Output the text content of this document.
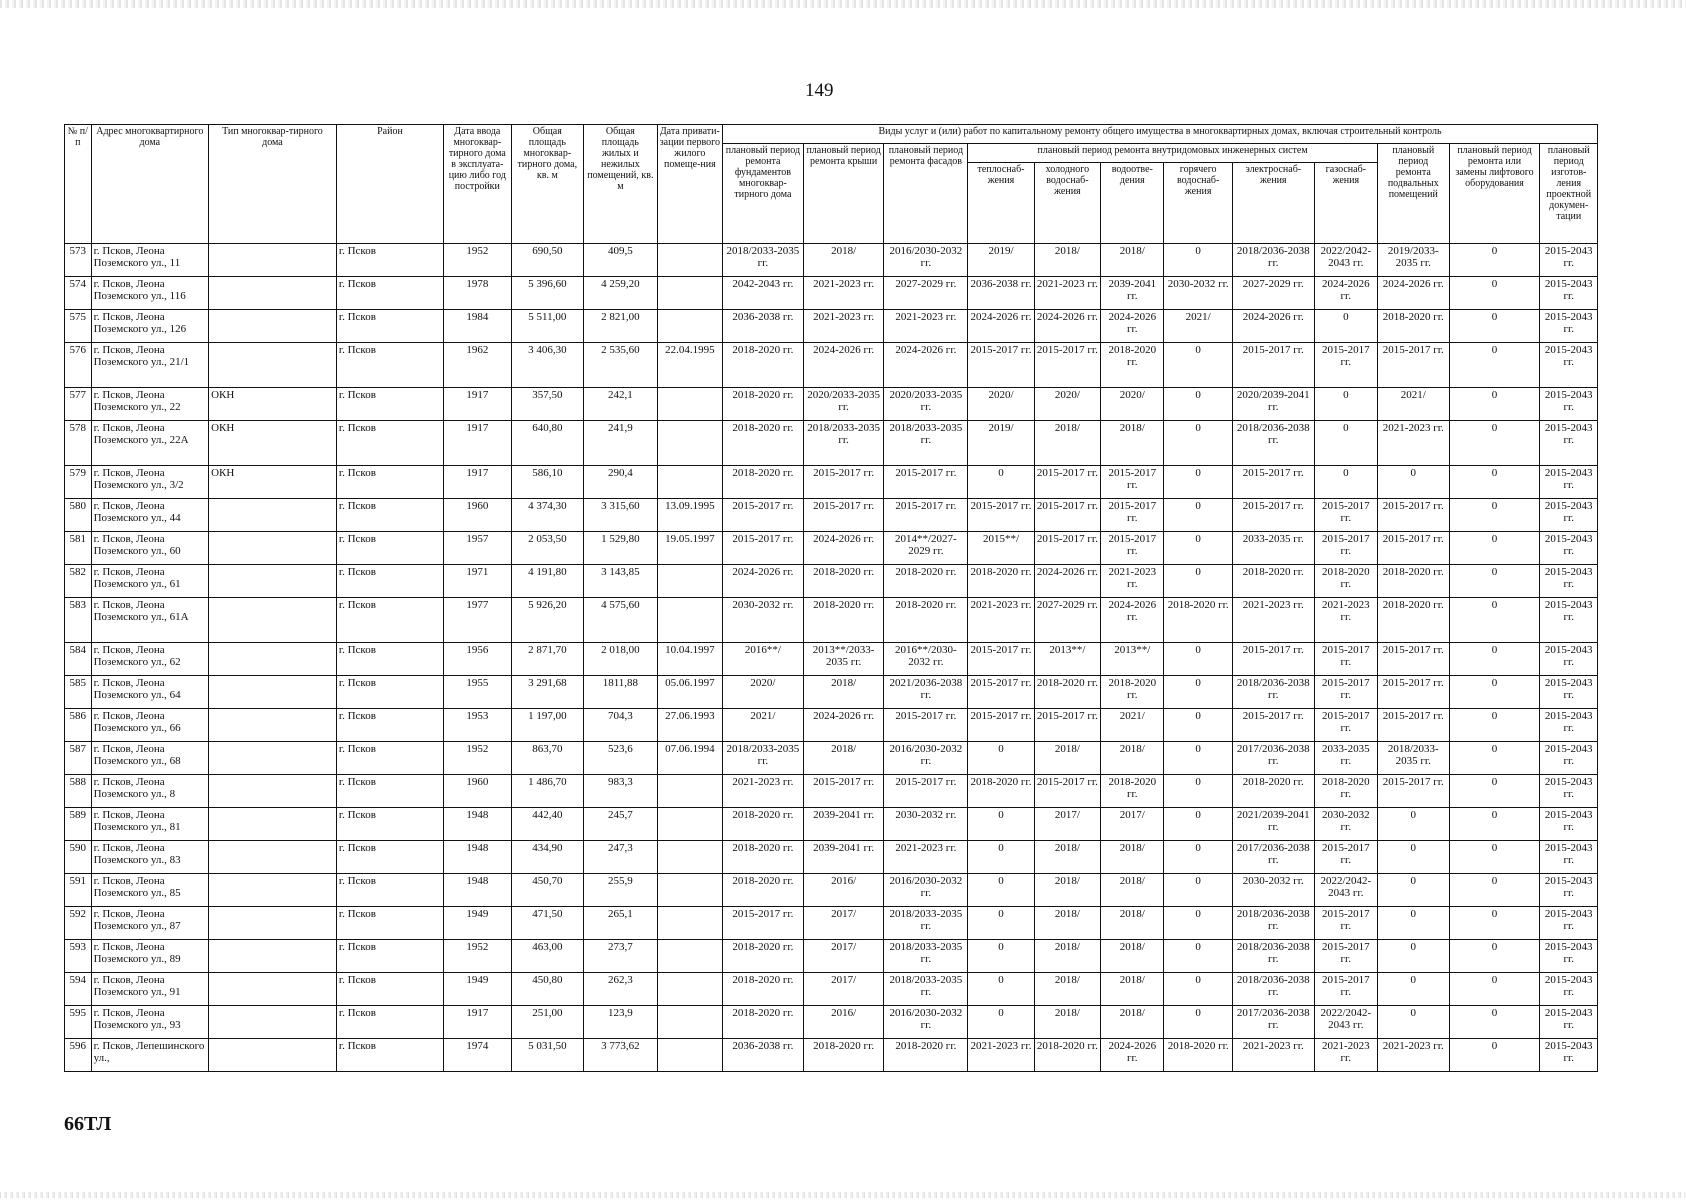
149
№ п/п	Адрес многоквартирного дома	Тип многоквар-тирного дома	Район	Дата ввода многоквар-тирного дома в эксплуата-цию либо год постройки	Общая площадь многоквар-тирного дома, кв. м	Общая площадь жилых и нежилых помещений, кв. м	Дата привати-зации первого жилого помеще-ния	Виды услуг и (или) работ по капитальному ремонту общего имущества в многоквартирных домах, включая строительный контроль											
								плановый период ремонта фундаментов многоквар-тирного дома	плановый период ремонта крыши	плановый период ремонта фасадов	плановый период ремонта внутридомовых инженерных систем						плановый период ремонта подвальных помещений	плановый период ремонта или замены лифтового оборудования	плановый период изготов-ления проектной докумен-тации
											теплоснаб-жения	холодного водоснаб-жения	водоотве-дения	горячего водоснаб-жения	электроснаб-жения	газоснаб-жения			
573	г. Псков, Леона Поземского ул., 11		г. Псков	1952	690,50	409,5		2018/2033-2035 гг.	2018/	2016/2030-2032 гг.	2019/	2018/	2018/	0	2018/2036-2038 гг.	2022/2042-2043 гг.	2019/2033-2035 гг.	0	2015-2043 гг.
574	г. Псков, Леона Поземского ул., 116		г. Псков	1978	5 396,60	4 259,20		2042-2043 гг.	2021-2023 гг.	2027-2029 гг.	2036-2038 гг.	2021-2023 гг.	2039-2041 гг.	2030-2032 гг.	2027-2029 гг.	2024-2026 гг.	2024-2026 гг.	0	2015-2043 гг.
575	г. Псков, Леона Поземского ул., 126		г. Псков	1984	5 511,00	2 821,00		2036-2038 гг.	2021-2023 гг.	2021-2023 гг.	2024-2026 гг.	2024-2026 гг.	2024-2026 гг.	2021/	2024-2026 гг.	0	2018-2020 гг.	0	2015-2043 гг.
576	г. Псков, Леона Поземского ул., 21/1		г. Псков	1962	3 406,30	2 535,60	22.04.1995	2018-2020 гг.	2024-2026 гг.	2024-2026 гг.	2015-2017 гг.	2015-2017 гг.	2018-2020 гг.	0	2015-2017 гг.	2015-2017 гг.	2015-2017 гг.	0	2015-2043 гг.
577	г. Псков, Леона Поземского ул., 22	ОКН	г. Псков	1917	357,50	242,1		2018-2020 гг.	2020/2033-2035 гг.	2020/2033-2035 гг.	2020/	2020/	2020/	0	2020/2039-2041 гг.	0	2021/	0	2015-2043 гг.
578	г. Псков, Леона Поземского ул., 22А	ОКН	г. Псков	1917	640,80	241,9		2018-2020 гг.	2018/2033-2035 гг.	2018/2033-2035 гг.	2019/	2018/	2018/	0	2018/2036-2038 гг.	0	2021-2023 гг.	0	2015-2043 гг.
579	г. Псков, Леона Поземского ул., 3/2	ОКН	г. Псков	1917	586,10	290,4		2018-2020 гг.	2015-2017 гг.	2015-2017 гг.	0	2015-2017 гг.	2015-2017 гг.	0	2015-2017 гг.	0	0	0	2015-2043 гг.
580	г. Псков, Леона Поземского ул., 44		г. Псков	1960	4 374,30	3 315,60	13.09.1995	2015-2017 гг.	2015-2017 гг.	2015-2017 гг.	2015-2017 гг.	2015-2017 гг.	2015-2017 гг.	0	2015-2017 гг.	2015-2017 гг.	2015-2017 гг.	0	2015-2043 гг.
581	г. Псков, Леона Поземского ул., 60		г. Псков	1957	2 053,50	1 529,80	19.05.1997	2015-2017 гг.	2024-2026 гг.	2014**/2027-2029 гг.	2015**/	2015-2017 гг.	2015-2017 гг.	0	2033-2035 гг.	2015-2017 гг.	2015-2017 гг.	0	2015-2043 гг.
582	г. Псков, Леона Поземского ул., 61		г. Псков	1971	4 191,80	3 143,85		2024-2026 гг.	2018-2020 гг.	2018-2020 гг.	2018-2020 гг.	2024-2026 гг.	2021-2023 гг.	0	2018-2020 гг.	2018-2020 гг.	2018-2020 гг.	0	2015-2043 гг.
583	г. Псков, Леона Поземского ул., 61А		г. Псков	1977	5 926,20	4 575,60		2030-2032 гг.	2018-2020 гг.	2018-2020 гг.	2021-2023 гг.	2027-2029 гг.	2024-2026 гг.	2018-2020 гг.	2021-2023 гг.	2021-2023 гг.	2018-2020 гг.	0	2015-2043 гг.
584	г. Псков, Леона Поземского ул., 62		г. Псков	1956	2 871,70	2 018,00	10.04.1997	2016**/	2013**/2033-2035 гг.	2016**/2030-2032 гг.	2015-2017 гг.	2013**/	2013**/	0	2015-2017 гг.	2015-2017 гг.	2015-2017 гг.	0	2015-2043 гг.
585	г. Псков, Леона Поземского ул., 64		г. Псков	1955	3 291,68	1811,88	05.06.1997	2020/	2018/	2021/2036-2038 гг.	2015-2017 гг.	2018-2020 гг.	2018-2020 гг.	0	2018/2036-2038 гг.	2015-2017 гг.	2015-2017 гг.	0	2015-2043 гг.
586	г. Псков, Леона Поземского ул., 66		г. Псков	1953	1 197,00	704,3	27.06.1993	2021/	2024-2026 гг.	2015-2017 гг.	2015-2017 гг.	2015-2017 гг.	2021/	0	2015-2017 гг.	2015-2017 гг.	2015-2017 гг.	0	2015-2043 гг.
587	г. Псков, Леона Поземского ул., 68		г. Псков	1952	863,70	523,6	07.06.1994	2018/2033-2035 гг.	2018/	2016/2030-2032 гг.	0	2018/	2018/	0	2017/2036-2038 гг.	2033-2035 гг.	2018/2033-2035 гг.	0	2015-2043 гг.
588	г. Псков, Леона Поземского ул., 8		г. Псков	1960	1 486,70	983,3		2021-2023 гг.	2015-2017 гг.	2015-2017 гг.	2018-2020 гг.	2015-2017 гг.	2018-2020 гг.	0	2018-2020 гг.	2018-2020 гг.	2015-2017 гг.	0	2015-2043 гг.
589	г. Псков, Леона Поземского ул., 81		г. Псков	1948	442,40	245,7		2018-2020 гг.	2039-2041 гг.	2030-2032 гг.	0	2017/	2017/	0	2021/2039-2041 гг.	2030-2032 гг.	0	0	2015-2043 гг.
590	г. Псков, Леона Поземского ул., 83		г. Псков	1948	434,90	247,3		2018-2020 гг.	2039-2041 гг.	2021-2023 гг.	0	2018/	2018/	0	2017/2036-2038 гг.	2015-2017 гг.	0	0	2015-2043 гг.
591	г. Псков, Леона Поземского ул., 85		г. Псков	1948	450,70	255,9		2018-2020 гг.	2016/	2016/2030-2032 гг.	0	2018/	2018/	0	2030-2032 гг.	2022/2042-2043 гг.	0	0	2015-2043 гг.
592	г. Псков, Леона Поземского ул., 87		г. Псков	1949	471,50	265,1		2015-2017 гг.	2017/	2018/2033-2035 гг.	0	2018/	2018/	0	2018/2036-2038 гг.	2015-2017 гг.	0	0	2015-2043 гг.
593	г. Псков, Леона Поземского ул., 89		г. Псков	1952	463,00	273,7		2018-2020 гг.	2017/	2018/2033-2035 гг.	0	2018/	2018/	0	2018/2036-2038 гг.	2015-2017 гг.	0	0	2015-2043 гг.
594	г. Псков, Леона Поземского ул., 91		г. Псков	1949	450,80	262,3		2018-2020 гг.	2017/	2018/2033-2035 гг.	0	2018/	2018/	0	2018/2036-2038 гг.	2015-2017 гг.	0	0	2015-2043 гг.
595	г. Псков, Леона Поземского ул., 93		г. Псков	1917	251,00	123,9		2018-2020 гг.	2016/	2016/2030-2032 гг.	0	2018/	2018/	0	2017/2036-2038 гг.	2022/2042-2043 гг.	0	0	2015-2043 гг.
596	г. Псков, Лепешинского ул.,		г. Псков	1974	5 031,50	3 773,62		2036-2038 гг.	2018-2020 гг.	2018-2020 гг.	2021-2023 гг.	2018-2020 гг.	2024-2026 гг.	2018-2020 гг.	2021-2023 гг.	2021-2023 гг.	2021-2023 гг.	0	2015-2043 гг.
66ТЛ
